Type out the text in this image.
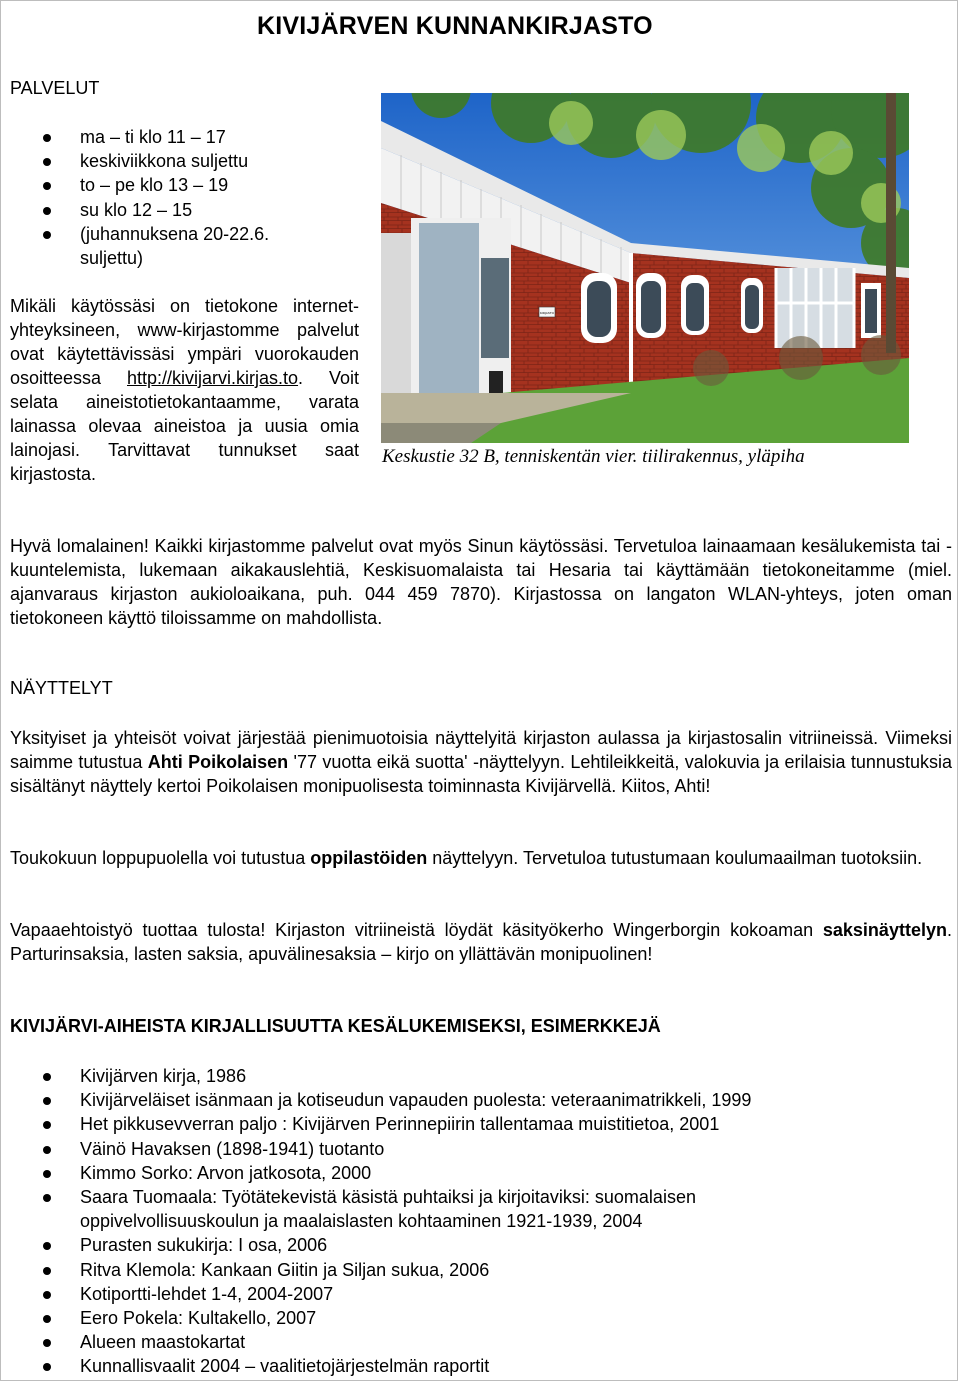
KIVIJÄRVEN KUNNANKIRJASTO
PALVELUT
ma – ti klo 11 – 17
keskiviikkona suljettu
to – pe klo 13 – 19
su klo 12 – 15
(juhannuksena 20-22.6. suljettu)

Mikäli käytössäsi on tietokone internet-yhteyksineen, www-kirjastomme palvelut ovat käytettävissäsi ympäri vuorokauden osoitteessa http://kivijarvi.kirjas.to. Voit selata aineistotietokantaamme, varata lainassa olevaa aineistoa ja uusia omia lainojasi. Tarvittavat tunnukset saat kirjastosta.

KIRJASTO
Keskustie 32 B, tenniskentän vier. tiilirakennus, yläpiha

Hyvä lomalainen! Kaikki kirjastomme palvelut ovat myös Sinun käytössäsi. Tervetuloa lainaamaan kesälukemista tai -kuuntelemista, lukemaan aikakauslehtiä, Keskisuomalaista tai Hesaria tai käyttämään tietokoneitamme (miel. ajanvaraus kirjaston aukioloaikana, puh. 044 459 7870). Kirjastossa on langaton WLAN-yhteys, joten oman tietokoneen käyttö tiloissamme on mahdollista.

NÄYTTELYT

Yksityiset ja yhteisöt voivat järjestää pienimuotoisia näyttelyitä kirjaston aulassa ja kirjastosalin vitriineissä. Viimeksi saimme tutustua Ahti Poikolaisen '77 vuotta eikä suotta' -näyttelyyn. Lehtileikkeitä, valokuvia ja erilaisia tunnustuksia sisältänyt näyttely kertoi Poikolaisen monipuolisesta toiminnasta Kivijärvellä. Kiitos, Ahti!

Toukokuun loppupuolella voi tutustua oppilastöiden näyttelyyn. Tervetuloa tutustumaan koulumaailman tuotoksiin.

Vapaaehtoistyö tuottaa tulosta! Kirjaston vitriineistä löydät käsityökerho Wingerborgin kokoaman saksinäyttelyn. Parturinsaksia, lasten saksia, apuvälinesaksia – kirjo on yllättävän monipuolinen!

KIVIJÄRVI-AIHEISTA KIRJALLISUUTTA KESÄLUKEMISEKSI, ESIMERKKEJÄ
Kivijärven kirja, 1986
Kivijärveläiset isänmaan ja kotiseudun vapauden puolesta: veteraanimatrikkeli, 1999
Het pikkusevverran paljo : Kivijärven Perinnepiirin tallentamaa muistitietoa, 2001
Väinö Havaksen (1898-1941) tuotanto
Kimmo Sorko: Arvon jatkosota, 2000
Saara Tuomaala: Työtätekevistä käsistä puhtaiksi ja kirjoitaviksi: suomalaisen oppivelvollisuuskoulun ja maalaislasten kohtaaminen 1921-1939, 2004
Purasten sukukirja: I osa, 2006
Ritva Klemola: Kankaan Giitin ja Siljan sukua, 2006
Kotiportti-lehdet 1-4, 2004-2007
Eero Pokela: Kultakello, 2007
Alueen maastokartat
Kunnallisvaalit 2004 – vaalitietojärjestelmän raportit
